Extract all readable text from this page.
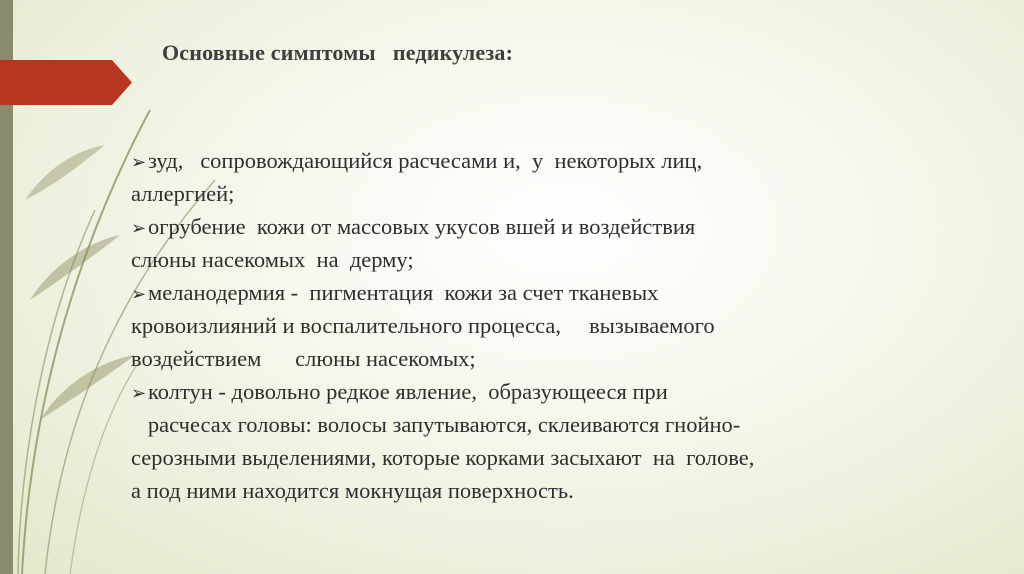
Основные симптомы   педикулеза:
➢зуд,   сопровождающийся расчесами и,  у  некоторых лиц,
аллергией;
➢огрубение  кожи от массовых укусов вшей и воздействия
слюны насекомых  на  дерму;
➢меланодермия -  пигментация  кожи за счет тканевых
кровоизлияний и воспалительного процесса,     вызываемого
воздействием      слюны насекомых;
➢колтун - довольно редкое явление,  образующееся при
расчесах головы: волосы запутываются, склеиваются гнойно-
серозными выделениями, которые корками засыхают  на  голове,
а под ними находится мокнущая поверхность.
